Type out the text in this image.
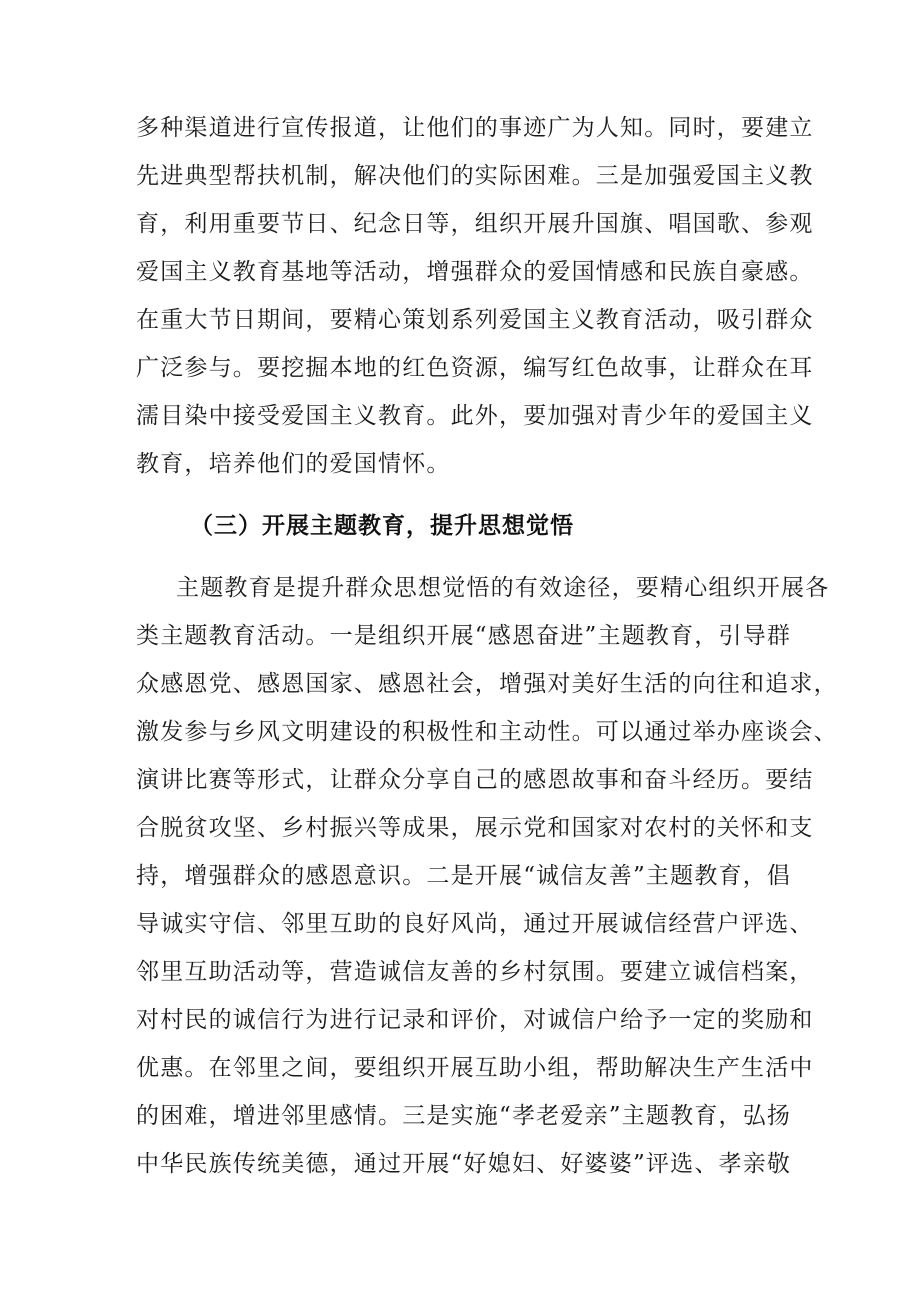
多种渠道进行宣传报道，让他们的事迹广为人知。同时，要建立
先进典型帮扶机制，解决他们的实际困难。三是加强爱国主义教
育，利用重要节日、纪念日等，组织开展升国旗、唱国歌、参观
爱国主义教育基地等活动，增强群众的爱国情感和民族自豪感。
在重大节日期间，要精心策划系列爱国主义教育活动，吸引群众
广泛参与。要挖掘本地的红色资源，编写红色故事，让群众在耳
濡目染中接受爱国主义教育。此外，要加强对青少年的爱国主义
教育，培养他们的爱国情怀。
（三）开展主题教育，提升思想觉悟
主题教育是提升群众思想觉悟的有效途径，要精心组织开展各
类主题教育活动。一是组织开展“感恩奋进”主题教育，引导群
众感恩党、感恩国家、感恩社会，增强对美好生活的向往和追求，
激发参与乡风文明建设的积极性和主动性。可以通过举办座谈会、
演讲比赛等形式，让群众分享自己的感恩故事和奋斗经历。要结
合脱贫攻坚、乡村振兴等成果，展示党和国家对农村的关怀和支
持，增强群众的感恩意识。二是开展“诚信友善”主题教育，倡
导诚实守信、邻里互助的良好风尚，通过开展诚信经营户评选、
邻里互助活动等，营造诚信友善的乡村氛围。要建立诚信档案，
对村民的诚信行为进行记录和评价，对诚信户给予一定的奖励和
优惠。在邻里之间，要组织开展互助小组，帮助解决生产生活中
的困难，增进邻里感情。三是实施“孝老爱亲”主题教育，弘扬
中华民族传统美德，通过开展“好媳妇、好婆婆”评选、孝亲敬
